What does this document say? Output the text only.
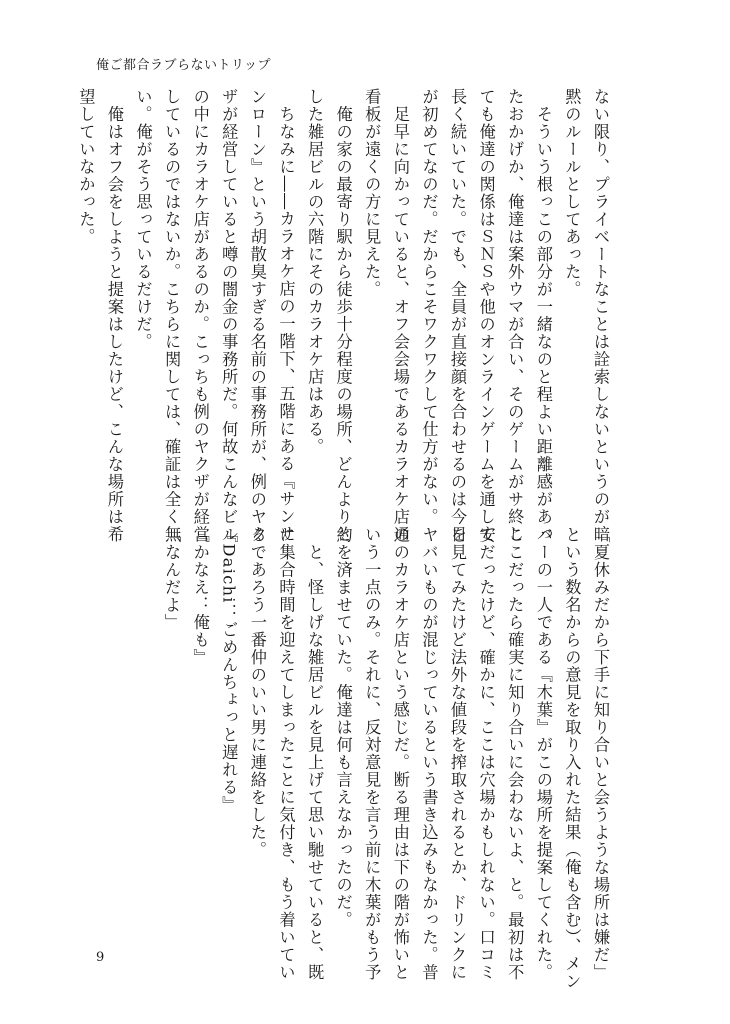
俺ご都合ラブらないトリップ

ない限り、プライベートなことは詮索しないというのが暗

黙のルールとしてあった。

　そういう根っこの部分が一緒なのと程よい距離感があっ

たおかげか、俺達は案外ウマが合い、そのゲームがサ終し

ても俺達の関係はＳＮＳや他のオンラインゲームを通して

長く続いていた。でも、全員が直接顔を合わせるのは今日

が初めてなのだ。だからこそワクワクして仕方がない。

　足早に向かっていると、オフ会会場であるカラオケ店の

看板が遠くの方に見えた。

　俺の家の最寄り駅から徒歩十分程度の場所、どんよりと

した雑居ビルの六階にそのカラオケ店はある。

　ちなみに――カラオケ店の一階下、五階にある『サンサ

ンローン』という胡散臭すぎる名前の事務所が、例のヤク

ザが経営していると噂の闇金の事務所だ。何故こんなビル

の中にカラオケ店があるのか。こっちも例のヤクザが経営

しているのではないか。こちらに関しては、確証は全く無

い。俺がそう思っているだけだ。

　俺はオフ会をしようと提案はしたけど、こんな場所は希

望していなかった。

「夏休みだから下手に知り合いと会うような場所は嫌だ」

という数名からの意見を取り入れた結果（俺も含む）、メン

バーの一人である『木葉』がこの場所を提案してくれた。

ここだったら確実に知り合いに会わないよ、と。最初は不

安だったけど、確かに、ここは穴場かもしれない。口コミ

を見てみたけど法外な値段を搾取されるとか、ドリンクに

ヤバいものが混じっているという書き込みもなかった。普

通のカラオケ店という感じだ。断る理由は下の階が怖いと

いう一点のみ。それに、反対意見を言う前に木葉がもう予

約を済ませていた。俺達は何も言えなかったのだ。

　と、怪しげな雑居ビルを見上げて思い馳せていると、既

に集合時間を迎えてしまったことに気付き、もう着いてい

るであろう一番仲のいい男に連絡をした。

『Daichi：ごめんちょっと遅れる』

『かなえ：俺も』

「なんだよ」

9
